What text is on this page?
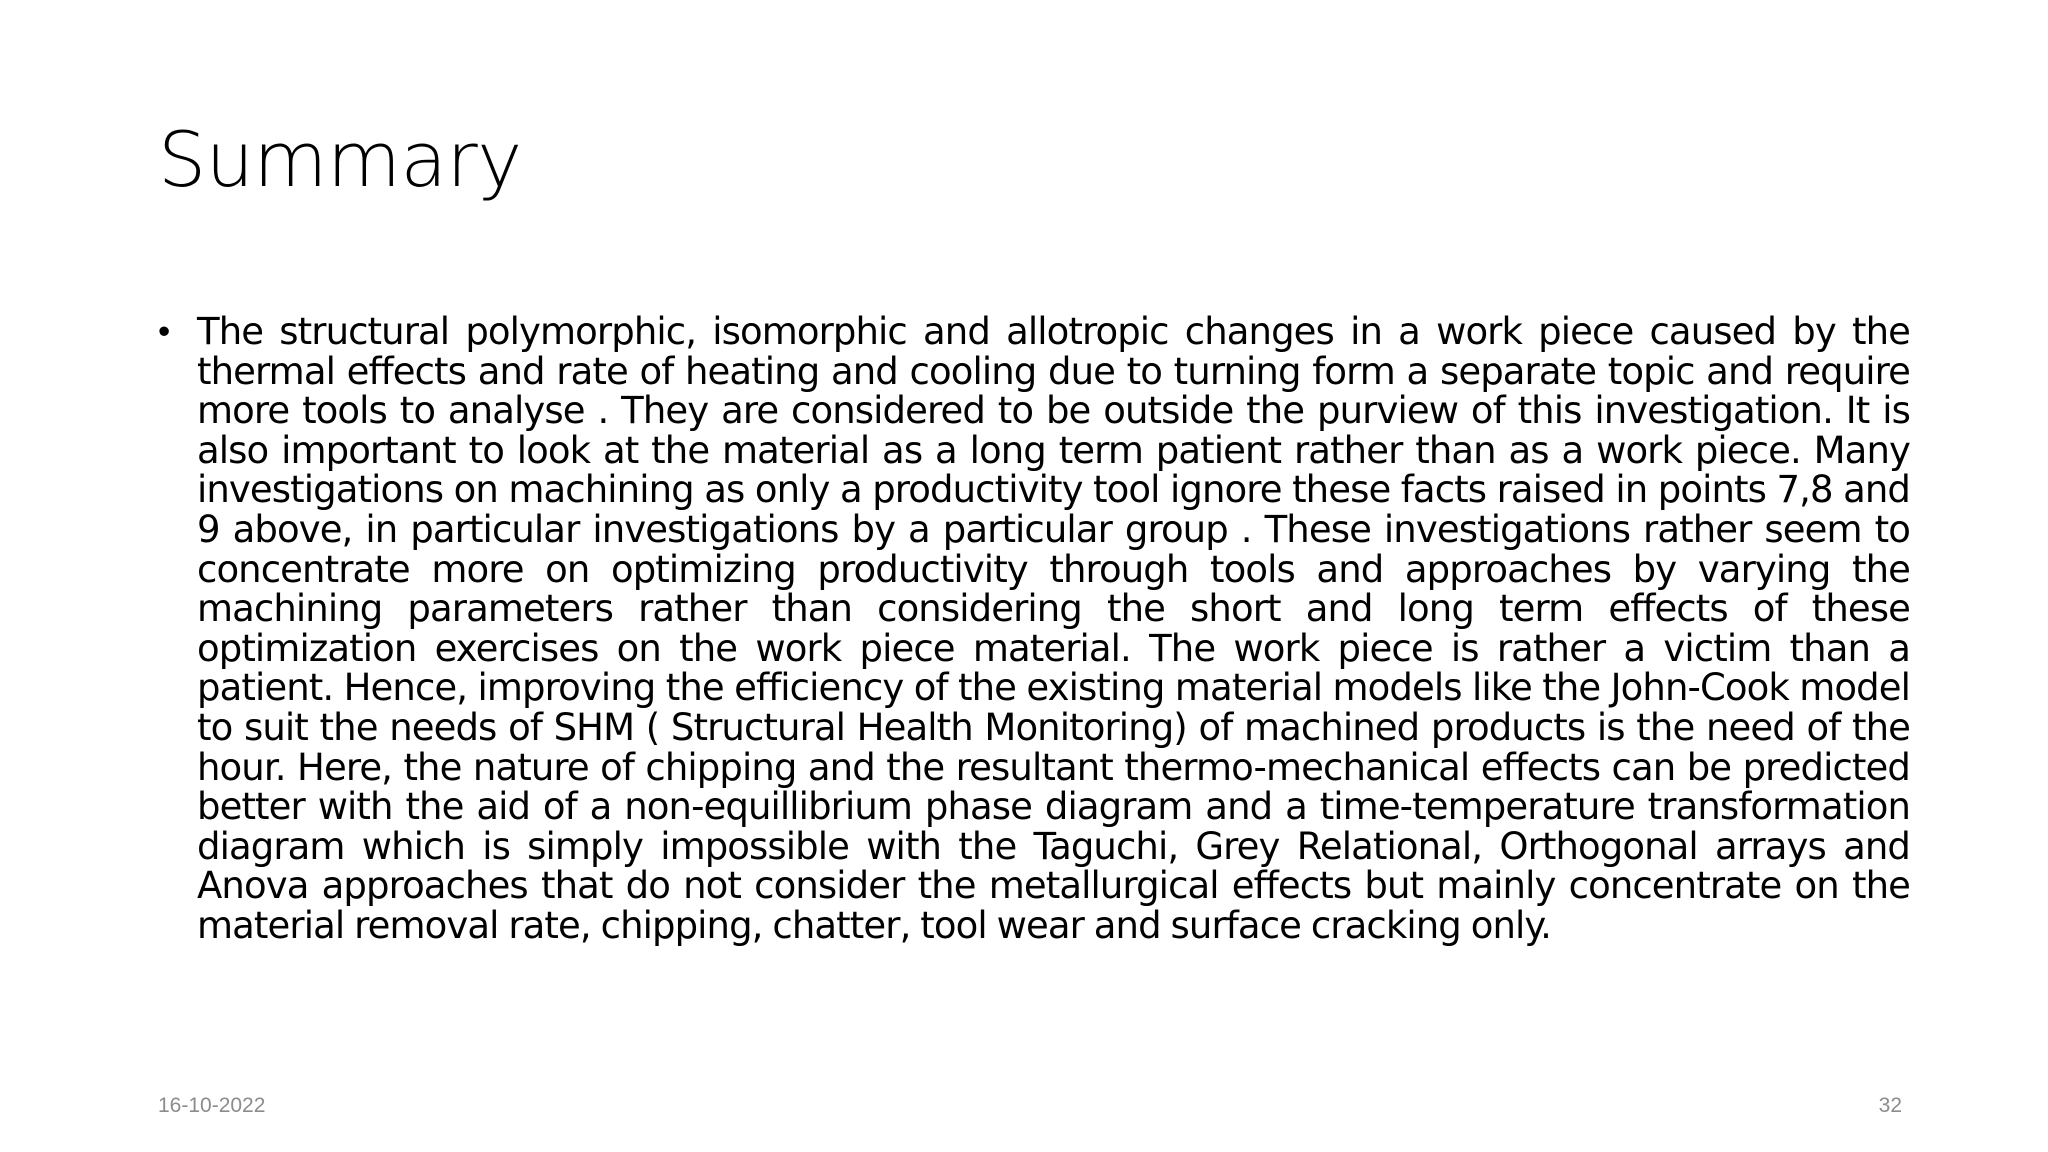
Summary
• The structural polymorphic, isomorphic and allotropic changes in a work piece caused by the thermal effects and rate of heating and cooling due to turning form a separate topic and require more tools to analyse . They are considered to be outside the purview of this investigation. It is also important to look at the material as a long term patient rather than as a work piece. Many investigations on machining as only a productivity tool ignore these facts raised in points 7,8 and 9 above, in particular investigations by a particular group . These investigations rather seem to concentrate more on optimizing productivity through tools and approaches by varying the machining parameters rather than considering the short and long term effects of these optimization exercises on the work piece material. The work piece is rather a victim than a patient. Hence, improving the efficiency of the existing material models like the John-Cook model to suit the needs of SHM ( Structural Health Monitoring) of machined products is the need of the hour. Here, the nature of chipping and the resultant thermo-mechanical effects can be predicted better with the aid of a non-equillibrium phase diagram and a time-temperature transformation diagram which is simply impossible with the Taguchi, Grey Relational, Orthogonal arrays and Anova approaches that do not consider the metallurgical effects but mainly concentrate on the material removal rate, chipping, chatter, tool wear and surface cracking only.
16-10-2022	32
